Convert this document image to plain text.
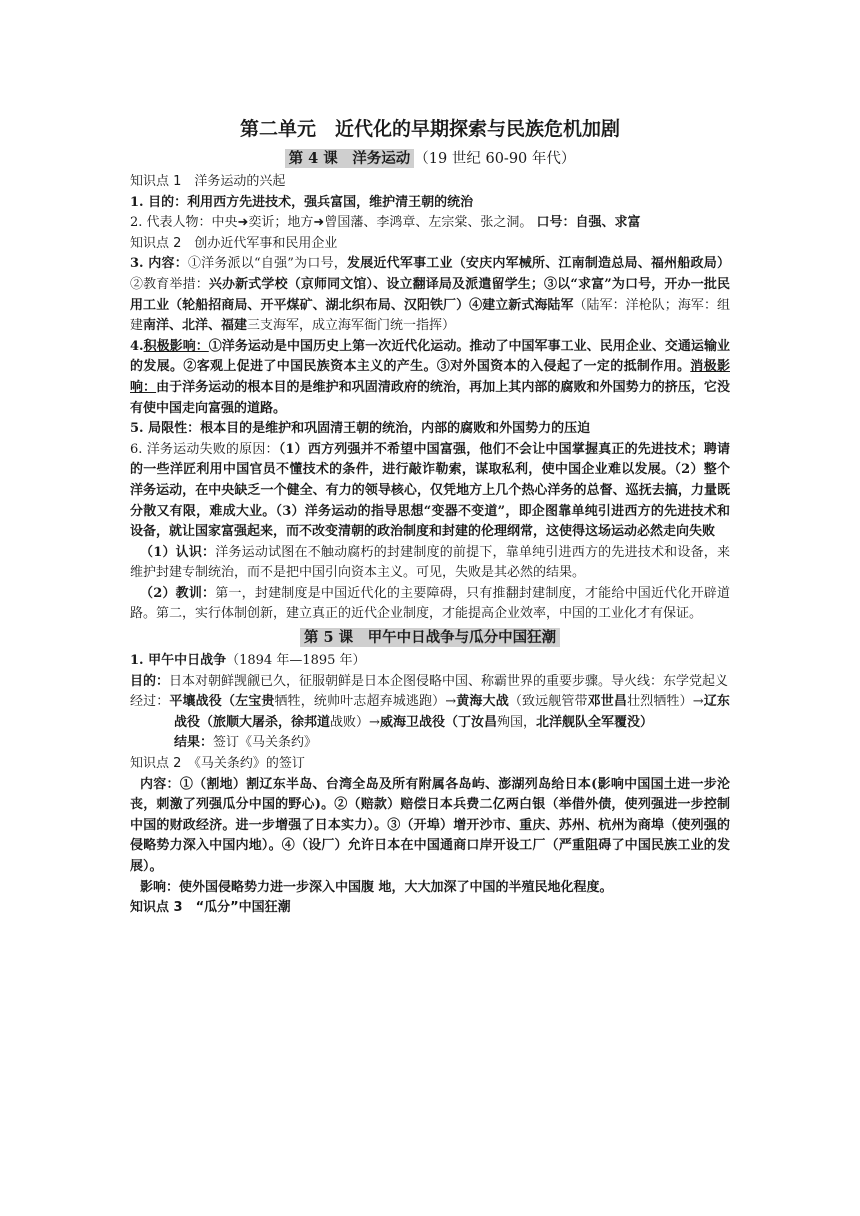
第二单元　近代化的早期探索与民族危机加剧
第 4 课　洋务运动 （19 世纪 60-90 年代）

知识点 1　洋务运动的兴起

1. 目的：利用西方先进技术，强兵富国，维护清王朝的统治

2. 代表人物：中央➜奕䜣；地方➜曾国藩、李鸿章、左宗棠、张之洞。 口号：自强、求富

知识点 2　创办近代军事和民用企业

3. 内容：①洋务派以“自强”为口号，发展近代军事工业（安庆内军械所、江南制造总局、福州船政局）②教育举措：兴办新式学校（京师同文馆）、设立翻译局及派遣留学生；③以“求富”为口号，开办一批民用工业（轮船招商局、开平煤矿、湖北织布局、汉阳铁厂）④建立新式海陆军（陆军：洋枪队；海军：组建南洋、北洋、福建三支海军，成立海军衙门统一指挥）

4.积极影响：①洋务运动是中国历史上第一次近代化运动。推动了中国军事工业、民用企业、交通运输业的发展。②客观上促进了中国民族资本主义的产生。③对外国资本的入侵起了一定的抵制作用。消极影响：由于洋务运动的根本目的是维护和巩固清政府的统治，再加上其内部的腐败和外国势力的挤压，它没有使中国走向富强的道路。

5. 局限性：根本目的是维护和巩固清王朝的统治，内部的腐败和外国势力的压迫

6. 洋务运动失败的原因：（1）西方列强并不希望中国富强，他们不会让中国掌握真正的先进技术；聘请的一些洋匠利用中国官员不懂技术的条件，进行敲诈勒索，谋取私利，使中国企业难以发展。（2）整个洋务运动，在中央缺乏一个健全、有力的领导核心，仅凭地方上几个热心洋务的总督、巡抚去搞，力量既分散又有限，难成大业。（3）洋务运动的指导思想“变器不变道”，即企图靠单纯引进西方的先进技术和设备，就让国家富强起来，而不改变清朝的政治制度和封建的伦理纲常，这使得这场运动必然走向失败

（1）认识：洋务运动试图在不触动腐朽的封建制度的前提下，靠单纯引进西方的先进技术和设备，来维护封建专制统治，而不是把中国引向资本主义。可见，失败是其必然的结果。

（2）教训：第一，封建制度是中国近代化的主要障碍，只有推翻封建制度，才能给中国近代化开辟道路。第二，实行体制创新，建立真正的近代企业制度，才能提高企业效率，中国的工业化才有保证。

第 5 课　甲午中日战争与瓜分中国狂潮

1. 甲午中日战争（1894 年—1895 年）

目的：日本对朝鲜觊觎已久，征服朝鲜是日本企图侵略中国、称霸世界的重要步骤。导火线：东学党起义

经过：平壤战役（左宝贵牺牲，统帅叶志超弃城逃跑）→黄海大战（致远舰管带邓世昌壮烈牺牲）→辽东战役（旅顺大屠杀，徐邦道战败）→威海卫战役（丁汝昌殉国，北洋舰队全军覆没）

结果：签订《马关条约》

知识点 2　《马关条约》的签订

内容：①（割地）割辽东半岛、台湾全岛及所有附属各岛屿、澎湖列岛给日本(影响中国国土进一步沦丧，刺激了列强瓜分中国的野心)。②（赔款）赔偿日本兵费二亿两白银（举借外债，使列强进一步控制中国的财政经济。进一步增强了日本实力）。③（开埠）增开沙市、重庆、苏州、杭州为商埠（使列强的侵略势力深入中国内地）。④（设厂）允许日本在中国通商口岸开设工厂（严重阻碍了中国民族工业的发展）。

影响：使外国侵略势力进一步深入中国腹 地，大大加深了中国的半殖民地化程度。

知识点 3　“瓜分”中国狂潮
